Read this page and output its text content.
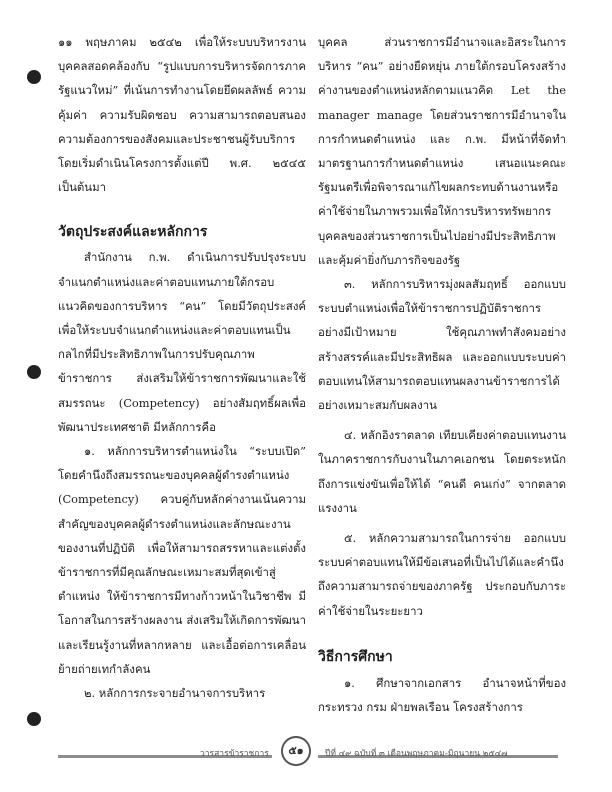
๑๑ พฤษภาคม ๒๕๔๒ เพื่อให้ระบบบริหารงานบุคคลสอดคล้องกับ “รูปแบบการบริหารจัดการภาครัฐแนวใหม่” ที่เน้นการทำงานโดยยึดผลลัพธ์ ความคุ้มค่า ความรับผิดชอบ ความสามารถตอบสนองความต้องการของสังคมและประชาชนผู้รับบริการ โดยเริ่มดำเนินโครงการตั้งแต่ปี พ.ศ. ๒๕๔๕ เป็นต้นมา

วัตถุประสงค์และหลักการ

สำนักงาน ก.พ. ดำเนินการปรับปรุงระบบจำแนกตำแหน่งและค่าตอบแทนภายใต้กรอบแนวคิดของการบริหาร “คน” โดยมีวัตถุประสงค์เพื่อให้ระบบจำแนกตำแหน่งและค่าตอบแทนเป็นกลไกที่มีประสิทธิภาพในการปรับคุณภาพข้าราชการ ส่งเสริมให้ข้าราชการพัฒนาและใช้สมรรถนะ (Competency) อย่างสัมฤทธิ์ผลเพื่อพัฒนาประเทศชาติ มีหลักการคือ

๑. หลักการบริหารตำแหน่งใน “ระบบเปิด” โดยคำนึงถึงสมรรถนะของบุคคลผู้ดำรงตำแหน่ง (Competency) ควบคู่กับหลักค่างานเน้นความสำคัญของบุคคลผู้ดำรงตำแหน่งและลักษณะงานของงานที่ปฏิบัติ เพื่อให้สามารถสรรหาและแต่งตั้งข้าราชการที่มีคุณลักษณะเหมาะสมที่สุดเข้าสู่ตำแหน่ง ให้ข้าราชการมีทางก้าวหน้าในวิชาชีพ มีโอกาสในการสร้างผลงาน ส่งเสริมให้เกิดการพัฒนาและเรียนรู้งานที่หลากหลาย และเอื้อต่อการเคลื่อนย้ายถ่ายเทกำลังคน

๒. หลักการกระจายอำนาจการบริหาร

บุคคล ส่วนราชการมีอำนาจและอิสระในการบริหาร “คน” อย่างยืดหยุ่น ภายใต้กรอบโครงสร้างค่างานของตำแหน่งหลักตามแนวคิด Let the manager manage โดยส่วนราชการมีอำนาจในการกำหนดตำแหน่ง และ ก.พ. มีหน้าที่จัดทำมาตรฐานการกำหนดตำแหน่ง เสนอแนะคณะรัฐมนตรีเพื่อพิจารณาแก้ไขผลกระทบด้านงานหรือค่าใช้จ่ายในภาพรวมเพื่อให้การบริหารทรัพยากรบุคคลของส่วนราชการเป็นไปอย่างมีประสิทธิภาพและคุ้มค่ายิ่งกับภารกิจของรัฐ

๓. หลักการบริหารมุ่งผลสัมฤทธิ์ ออกแบบระบบตำแหน่งเพื่อให้ข้าราชการปฏิบัติราชการอย่างมีเป้าหมาย ใช้คุณภาพทำสังคมอย่างสร้างสรรค์และมีประสิทธิผล และออกแบบระบบค่าตอบแทนให้สามารถตอบแทนผลงานข้าราชการได้อย่างเหมาะสมกับผลงาน

๔. หลักอิงราตลาด เทียบเคียงค่าตอบแทนงานในภาคราชการกับงานในภาคเอกชน โดยตระหนักถึงการแข่งขันเพื่อให้ได้ “คนดี คนเก่ง” จากตลาดแรงงาน

๕. หลักความสามารถในการจ่าย ออกแบบระบบค่าตอบแทนให้มีข้อเสนอที่เป็นไปได้และคำนึงถึงความสามารถจ่ายของภาครัฐ ประกอบกับภาระค่าใช้จ่ายในระยะยาว

วิธีการศึกษา

๑. ศึกษาจากเอกสาร อำนาจหน้าที่ของกระทรวง กรม ฝ่ายพลเรือน โครงสร้างการ

วารสารข้าราชการ	๕๑	ปีที่ ๔๙ ฉบับที่ ๓ เดือนพฤษภาคม-มิถุนายน ๒๕๔๗
